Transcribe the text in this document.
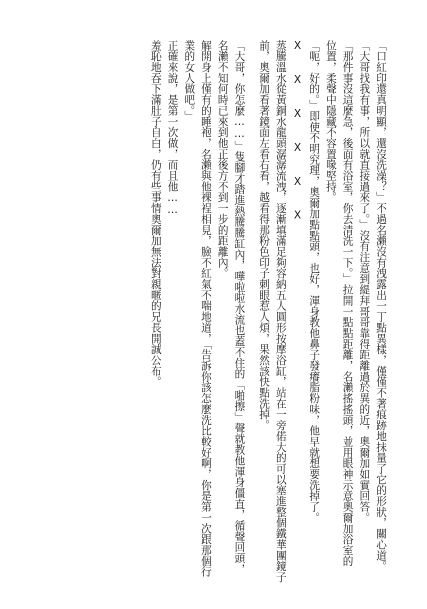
「口紅印還真明顯，還沒洗澡？」不過名瀨沒有洩露出一丁點異樣，僅僅不著痕跡地抹量了它的形狀，關心道。
「大哥找我有事，所以就直接過來了。」沒有注意到緹拜哥哥靠得距離過於異的近，奧爾加如實回答。
「那件事沒這麼急，後面有浴室，你去清洗一下。」拉開一點點距離，名瀨搖搖頭，並用眼神示意奧爾加浴室的
位置，柔聲中隱藏不容置喙堅持。
「呃，好的。」即使不明究理，奧爾加點點頭，也好，渾身教他鼻子發癢脂粉味，他早就想要洗掉了。
X　　X　　X　　X　　X　　X
蒸騰溫水從黃銅水龍頭潺潺流洩，逐漸填滿足夠容納五人圓形按摩浴缸，站在一旁偌大的可以塞進整個鐵華團鏡子
前，奧爾加看著鏡面左看右看，越看得那粉色印子刺眼惹人煩，果然該快點洗掉。
「大哥，你怎麼……」隻腳才踏進熱騰騰缸內，嘩啦啦水流也蓋不住的「啪擦」聲就教他渾身僵直，循聲回頭，
名瀨不知何時已來到他正後方不到一步的距離內。
解開身上僅有的睡袍，名瀨與他裸裎相見，臉不紅氣不喘地道，「告訴你該怎麼洗比較好啊，你是第一次跟那個行
業的女人做吧。」
正確來說，是第一次做，而且他……
羞恥地吞下滿肚子自白，仍有些事情奧爾加無法對親暱的兄長開誠公布。
